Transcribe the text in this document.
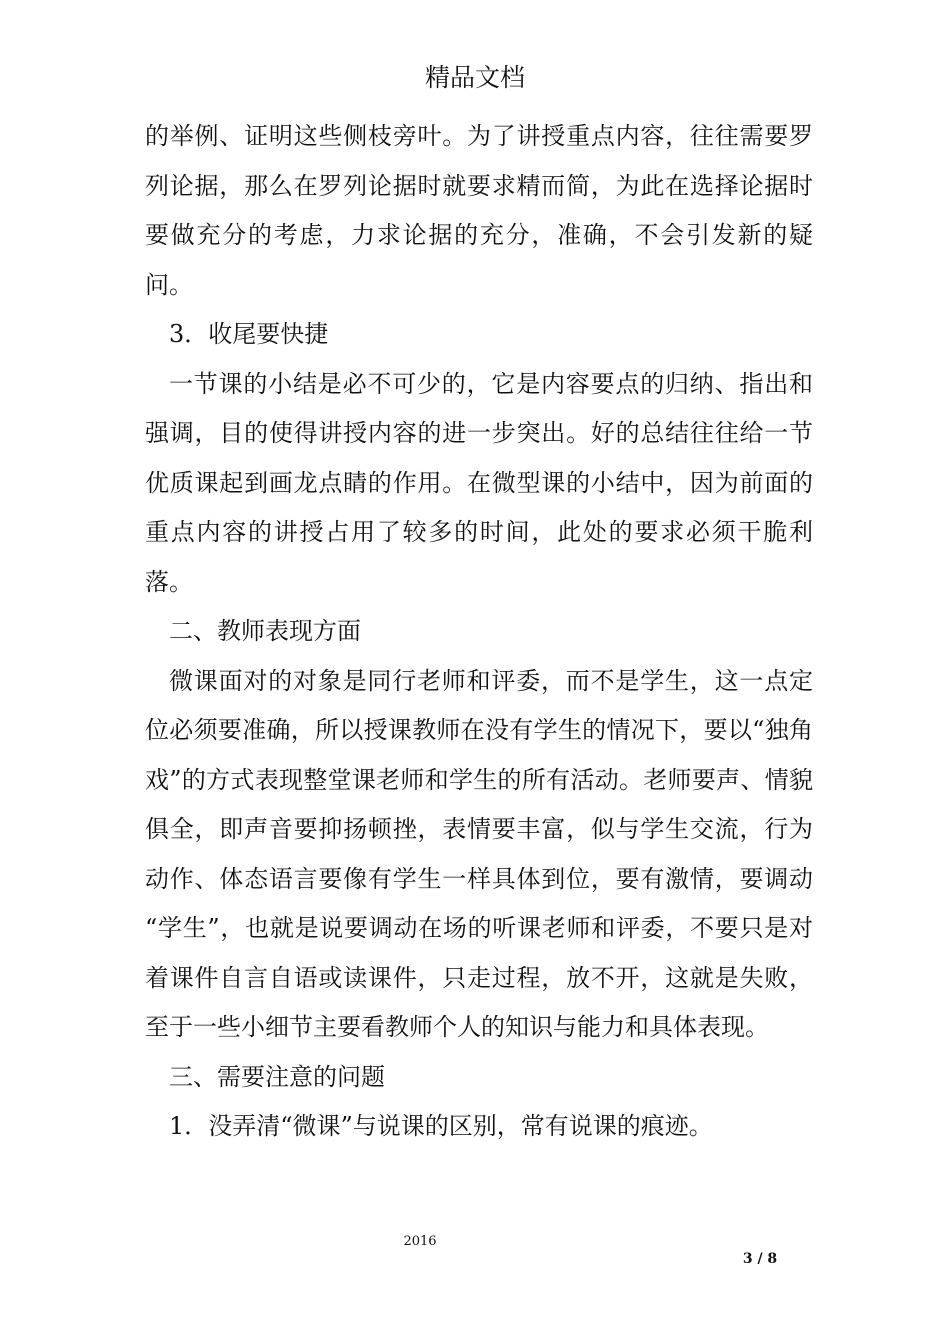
精品文档

的举例、证明这些侧枝旁叶。为了讲授重点内容，往往需要罗列论据，那么在罗列论据时就要求精而简，为此在选择论据时要做充分的考虑，力求论据的充分，准确，不会引发新的疑问。

3．收尾要快捷

一节课的小结是必不可少的，它是内容要点的归纳、指出和强调，目的使得讲授内容的进一步突出。好的总结往往给一节优质课起到画龙点睛的作用。在微型课的小结中，因为前面的重点内容的讲授占用了较多的时间，此处的要求必须干脆利落。

二、教师表现方面

微课面对的对象是同行老师和评委，而不是学生，这一点定位必须要准确，所以授课教师在没有学生的情况下，要以“独角戏”的方式表现整堂课老师和学生的所有活动。老师要声、情貌俱全，即声音要抑扬顿挫，表情要丰富，似与学生交流，行为动作、体态语言要像有学生一样具体到位，要有激情，要调动 “学生”，也就是说要调动在场的听课老师和评委，不要只是对着课件自言自语或读课件，只走过程，放不开，这就是失败，至于一些小细节主要看教师个人的知识与能力和具体表现。

三、需要注意的问题

1．没弄清“微课”与说课的区别，常有说课的痕迹。

2016
3 / 8
